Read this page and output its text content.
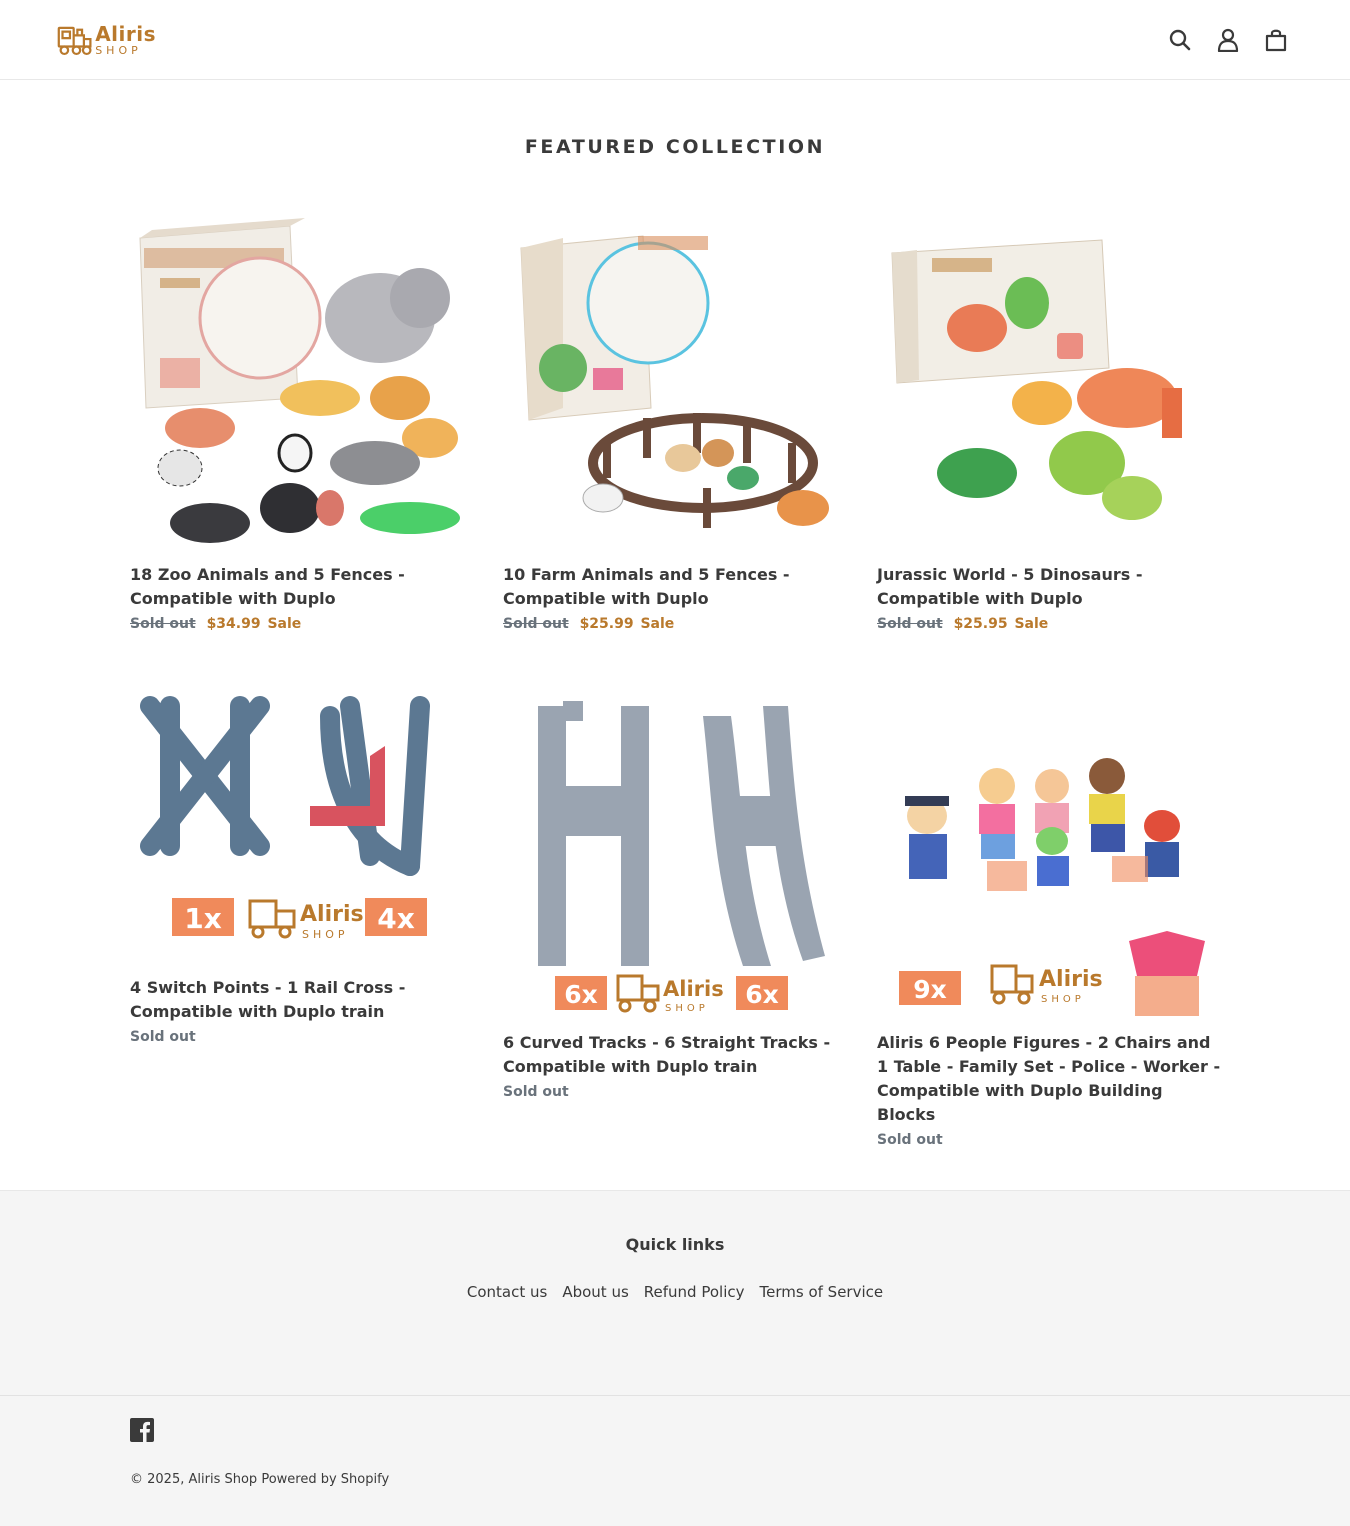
Aliris
SHOP
FEATURED COLLECTION
18 Zoo Animals and 5 Fences - Compatible with Duplo
Sold out $34.99 Sale
10 Farm Animals and 5 Fences - Compatible with Duplo
Sold out $25.99 Sale
Jurassic World - 5 Dinosaurs - Compatible with Duplo
Sold out $25.95 Sale
1x	4x
Aliris
SHOP
4 Switch Points - 1 Rail Cross - Compatible with Duplo train
Sold out
6x	6x
Aliris
SHOP
6 Curved Tracks - 6 Straight Tracks - Compatible with Duplo train
Sold out
9x	Aliris
SHOP
Aliris 6 People Figures - 2 Chairs and 1 Table - Family Set - Police - Worker - Compatible with Duplo Building Blocks
Sold out
Quick links
Contact us About us Refund Policy Terms of Service
© 2025, Aliris Shop Powered by Shopify
